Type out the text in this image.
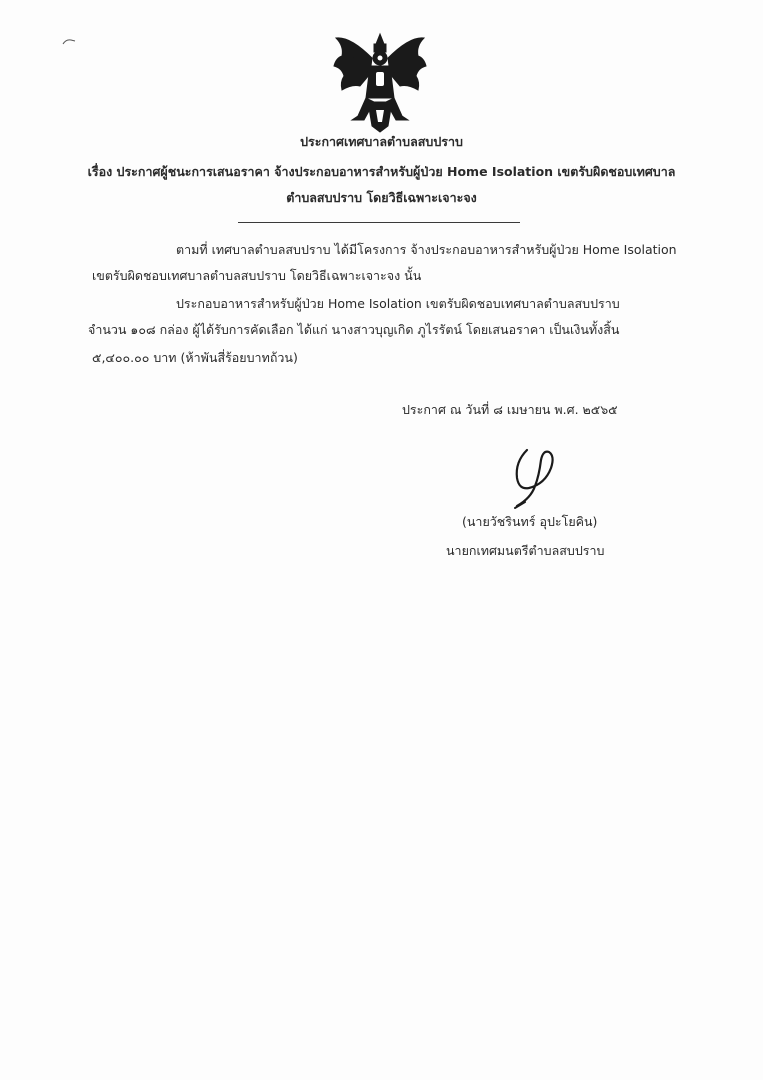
ประกาศเทศบาลตำบลสบปราบ
เรื่อง ประกาศผู้ชนะการเสนอราคา จ้างประกอบอาหารสำหรับผู้ป่วย Home Isolation เขตรับผิดชอบเทศบาล
ตำบลสบปราบ โดยวิธีเฉพาะเจาะจง
ตามที่ เทศบาลตำบลสบปราบ ได้มีโครงการ จ้างประกอบอาหารสำหรับผู้ป่วย Home Isolation
เขตรับผิดชอบเทศบาลตำบลสบปราบ โดยวิธีเฉพาะเจาะจง นั้น
ประกอบอาหารสำหรับผู้ป่วย Home Isolation เขตรับผิดชอบเทศบาลตำบลสบปราบ
จำนวน ๑๐๘ กล่อง ผู้ได้รับการคัดเลือก ได้แก่ นางสาวบุญเกิด ภูไรรัตน์ โดยเสนอราคา เป็นเงินทั้งสิ้น
๕,๔๐๐.๐๐ บาท (ห้าพันสี่ร้อยบาทถ้วน)
ประกาศ ณ วันที่ ๘ เมษายน พ.ศ. ๒๕๖๕
(นายวัชรินทร์ อุปะโยคิน)
นายกเทศมนตรีตำบลสบปราบ
